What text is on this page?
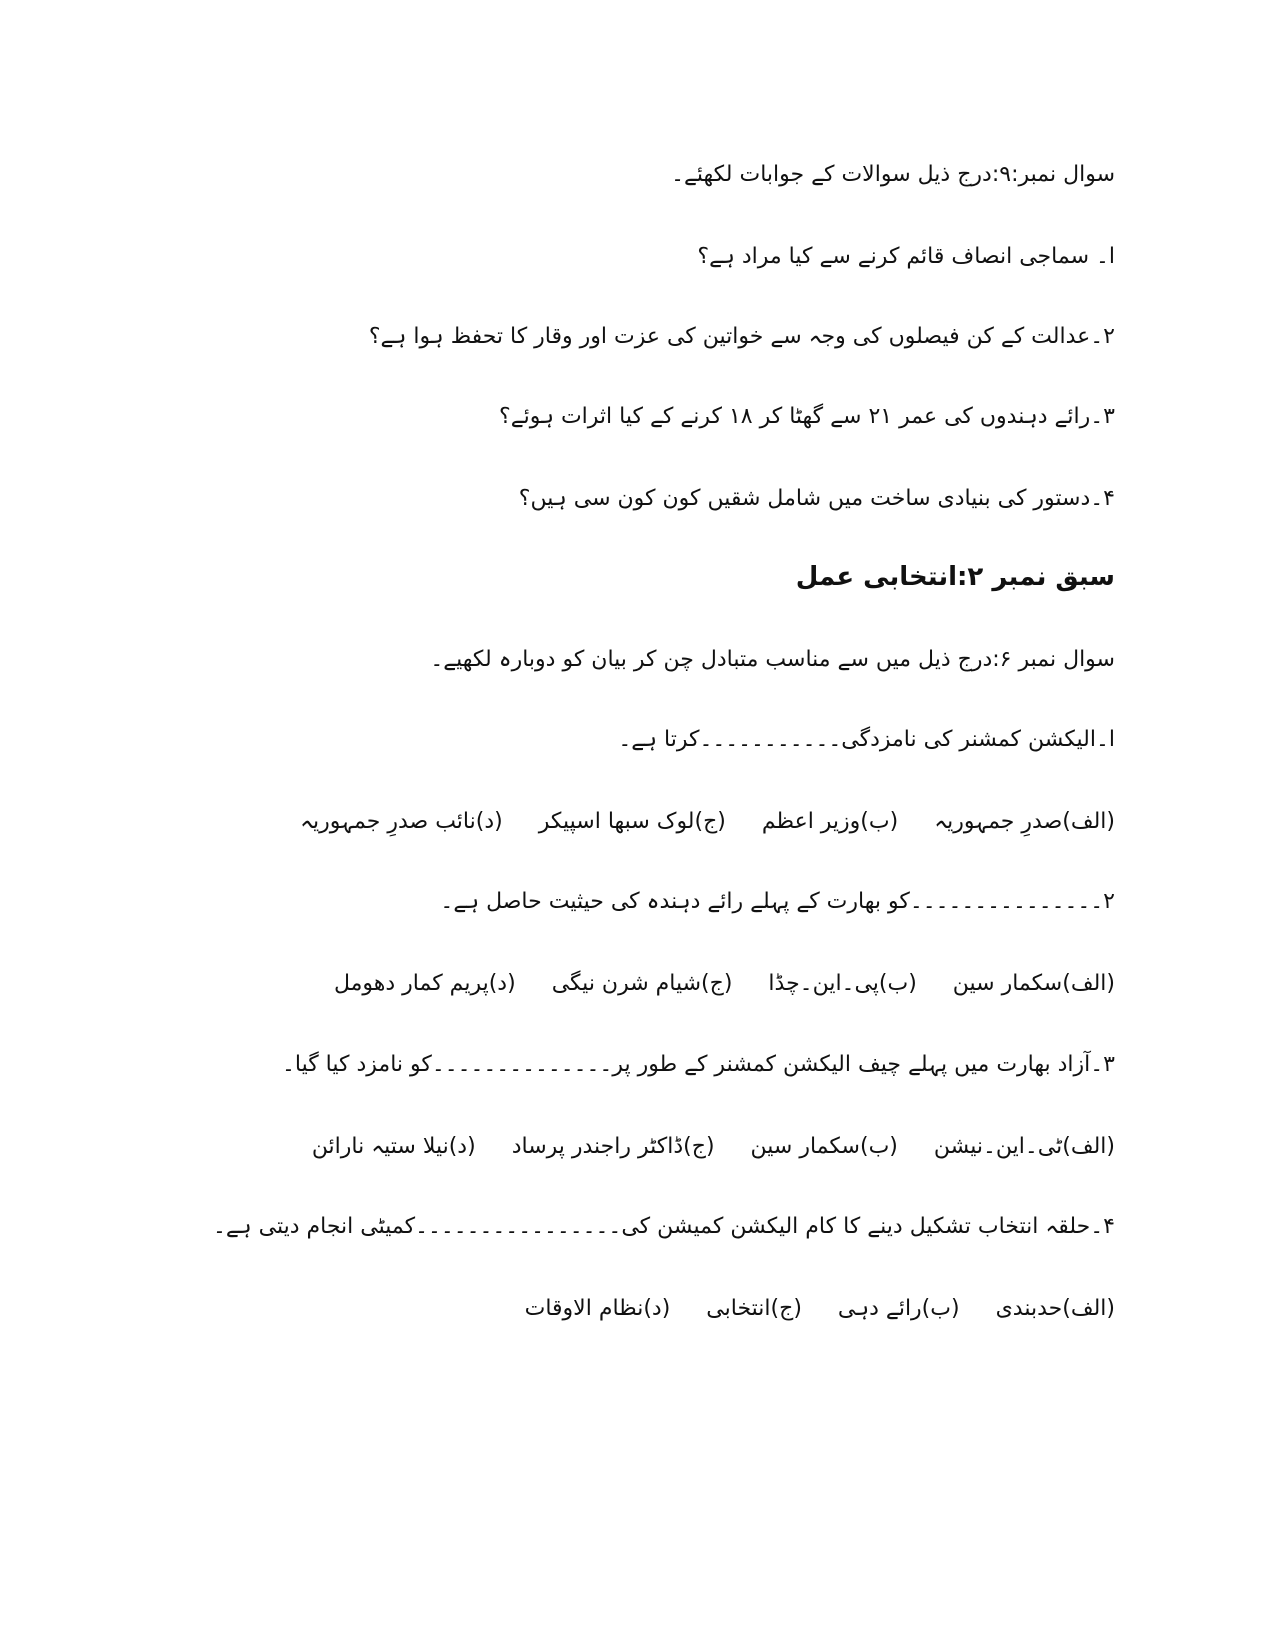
سوال نمبر:۹:درج ذیل سوالات کے جوابات لکھئے۔
ا۔ سماجی انصاف قائم کرنے سے کیا مراد ہے؟
۲۔عدالت کے کن فیصلوں کی وجہ سے خواتین کی عزت اور وقار کا تحفظ ہوا ہے؟
۳۔رائے دہندوں کی عمر ۲۱ سے گھٹا کر ۱۸ کرنے کے کیا اثرات ہوئے؟
۴۔دستور کی بنیادی ساخت میں شامل شقیں کون کون سی ہیں؟
سبق نمبر ۲:انتخابی عمل
سوال نمبر ۶:درج ذیل میں سے مناسب متبادل چن کر بیان کو دوبارہ لکھیے۔
ا۔الیکشن کمشنر کی نامزدگی۔۔۔۔۔۔۔۔۔۔۔کرتا ہے۔
(الف)صدرِ جمہوریہ
(ب)وزیر اعظم
(ج)لوک سبھا اسپیکر
(د)نائب صدرِ جمہوریہ
۲۔۔۔۔۔۔۔۔۔۔۔۔۔۔۔کو بھارت کے پہلے رائے دہندہ کی حیثیت حاصل ہے۔
(الف)سکمار سین
(ب)پی۔این۔چڈا
(ج)شیام شرن نیگی
(د)پریم کمار دھومل
۳۔آزاد بھارت میں پہلے چیف الیکشن کمشنر کے طور پر۔۔۔۔۔۔۔۔۔۔۔۔۔۔کو نامزد کیا گیا۔
(الف)ٹی۔این۔نیشن
(ب)سکمار سین
(ج)ڈاکٹر راجندر پرساد
(د)نیلا ستیہ نارائن
۴۔حلقہ انتخاب تشکیل دینے کا کام الیکشن کمیشن کی۔۔۔۔۔۔۔۔۔۔۔۔۔۔۔۔کمیٹی انجام دیتی ہے۔
(الف)حدبندی
(ب)رائے دہی
(ج)انتخابی
(د)نظام الاوقات
